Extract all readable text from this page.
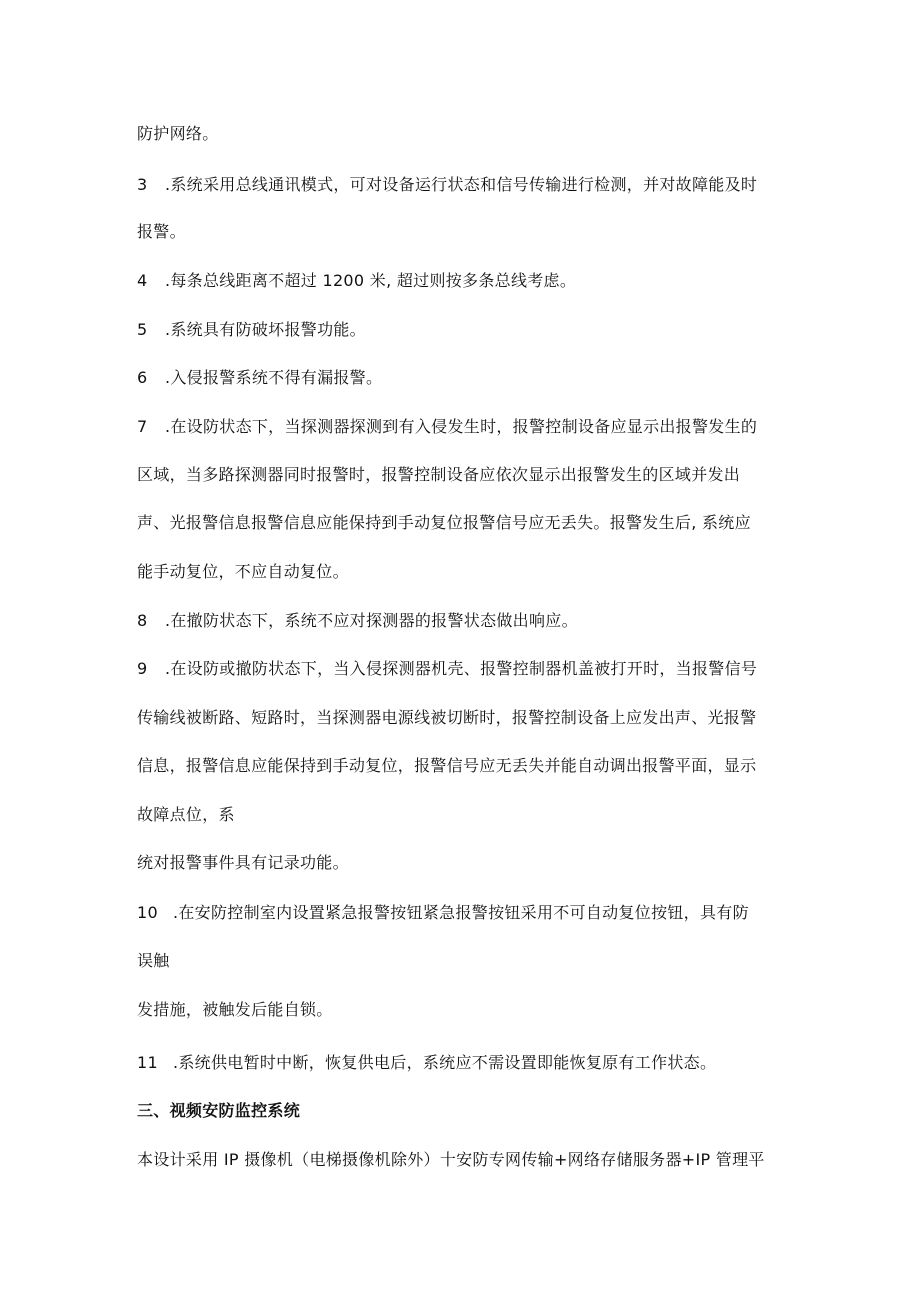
防护网络。
3 .系统采用总线通讯模式，可对设备运行状态和信号传输进行检测，并对故障能及时
报警。
4 .每条总线距离不超过 1200 米, 超过则按多条总线考虑。
5 .系统具有防破坏报警功能。
6 .入侵报警系统不得有漏报警。
7 .在设防状态下，当探测器探测到有入侵发生时，报警控制设备应显示出报警发生的
区域，当多路探测器同时报警时，报警控制设备应依次显示出报警发生的区域并发出
声、光报警信息报警信息应能保持到手动复位报警信号应无丢失。报警发生后, 系统应
能手动复位，不应自动复位。
8 .在撤防状态下，系统不应对探测器的报警状态做出响应。
9 .在设防或撤防状态下，当入侵探测器机壳、报警控制器机盖被打开时，当报警信号
传输线被断路、短路时，当探测器电源线被切断时，报警控制设备上应发出声、光报警
信息，报警信息应能保持到手动复位，报警信号应无丢失并能自动调出报警平面，显示
故障点位，系
统对报警事件具有记录功能。
10 .在安防控制室内设置紧急报警按钮紧急报警按钮采用不可自动复位按钮，具有防
误触
发措施，被触发后能自锁。
11 .系统供电暂时中断，恢复供电后，系统应不需设置即能恢复原有工作状态。
三、视频安防监控系统
本设计采用 IP 摄像机（电梯摄像机除外）十安防专网传输+网络存储服务器+IP 管理平
